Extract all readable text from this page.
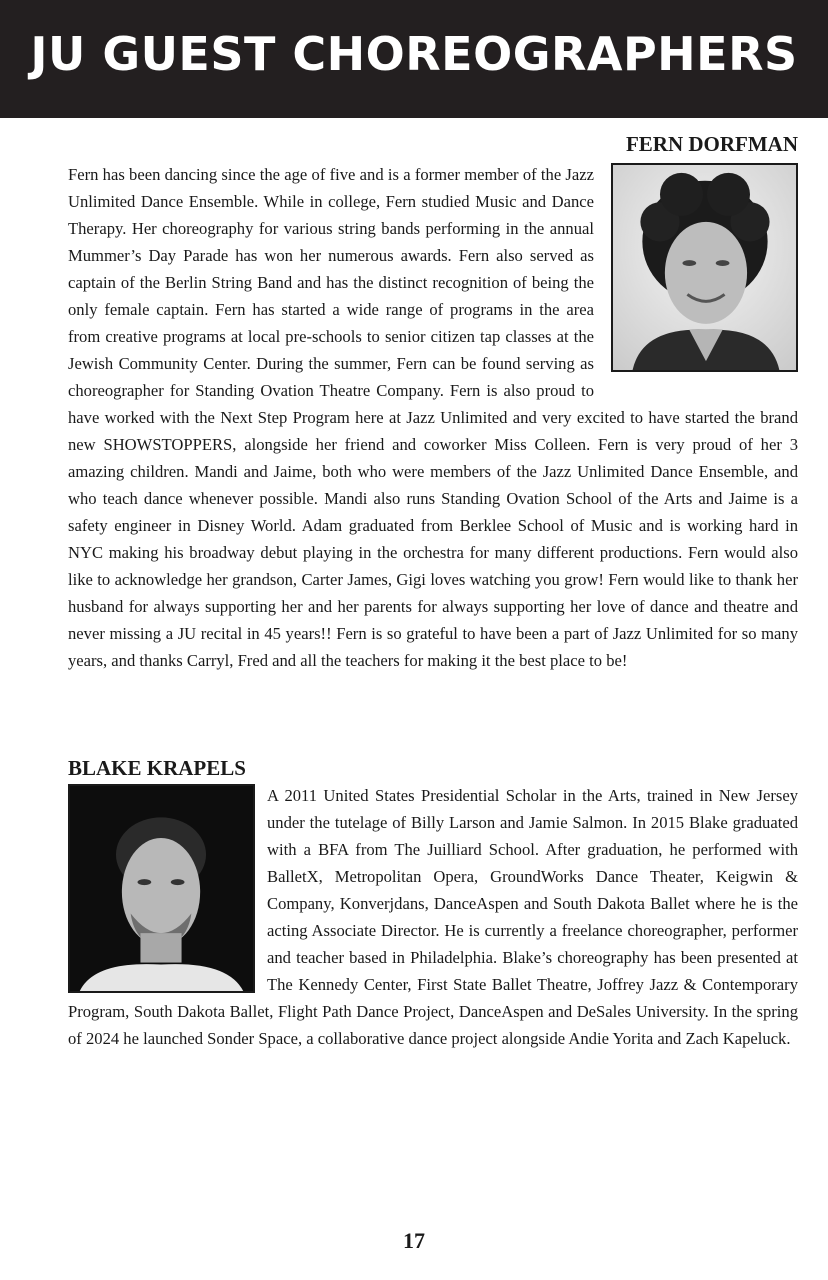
JU GUEST CHOREOGRAPHERS
FERN DORFMAN

Fern has been dancing since the age of five and is a former member of the Jazz Unlimited Dance Ensemble. While in college, Fern studied Music and Dance Therapy. Her choreography for various string bands performing in the annual Mummer’s Day Parade has won her numerous awards. Fern also served as captain of the Berlin String Band and has the distinct recognition of being the only female captain. Fern has started a wide range of programs in the area from creative programs at local pre-schools to senior citizen tap classes at the Jewish Community Center. During the summer, Fern can be found serving as choreographer for Standing Ovation Theatre Company. Fern is also proud to have worked with the Next Step Program here at Jazz Unlimited and very excited to have started the brand new SHOWSTOPPERS, alongside her friend and coworker Miss Colleen. Fern is very proud of her 3 amazing children. Mandi and Jaime, both who were members of the Jazz Unlimited Dance Ensemble, and who teach dance whenever possible. Mandi also runs Standing Ovation School of the Arts and Jaime is a safety engineer in Disney World. Adam graduated from Berklee School of Music and is working hard in NYC making his broadway debut playing in the orchestra for many different productions. Fern would also like to acknowledge her grandson, Carter James, Gigi loves watching you grow! Fern would like to thank her husband for always supporting her and her parents for always supporting her love of dance and theatre and never missing a JU recital in 45 years!! Fern is so grateful to have been a part of Jazz Unlimited for so many years, and thanks Carryl, Fred and all the teachers for making it the best place to be!

BLAKE KRAPELS

A 2011 United States Presidential Scholar in the Arts, trained in New Jersey under the tutelage of Billy Larson and Jamie Salmon. In 2015 Blake graduated with a BFA from The Juilliard School. After graduation, he performed with BalletX, Metropolitan Opera, GroundWorks Dance Theater, Keigwin & Company, Konverjdans, DanceAspen and South Dakota Ballet where he is the acting Associate Director. He is currently a freelance choreographer, performer and teacher based in Philadelphia. Blake’s choreography has been presented at The Kennedy Center, First State Ballet Theatre, Joffrey Jazz & Contemporary Program, South Dakota Ballet, Flight Path Dance Project, DanceAspen and DeSales University. In the spring of 2024 he launched Sonder Space, a collaborative dance project alongside Andie Yorita and Zach Kapeluck.

17
